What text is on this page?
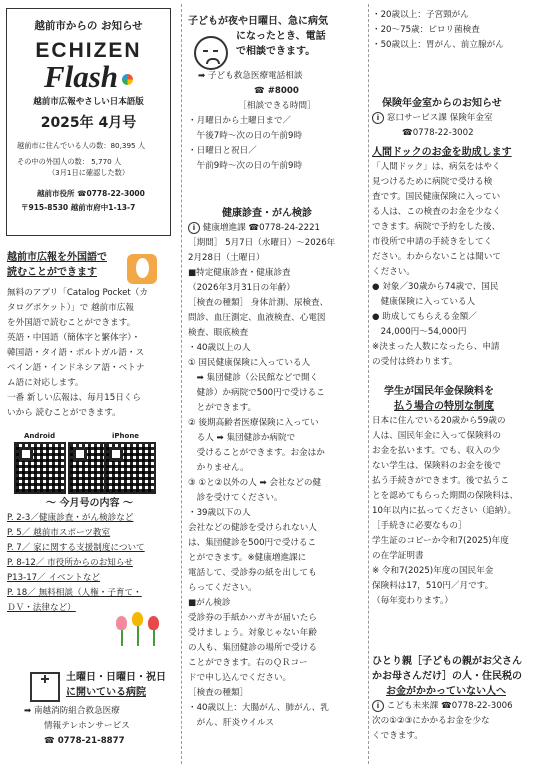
越前市からの お知らせ
ECHIZEN
Flash
越前市広報やさしい日本語版
2025年 4月号
越前市に住んでいる人の数：80,395 人
その中の外国人の数： 5,770 人
（3月1日に確認した数）
越前市役所 ☎0778-22-3000
〒915-8530 越前市府中1-13-7
越前市広報を外国語で
読むことができます
無料のアプリ「Catalog Pocket（カ
タログポケット）」で 越前市広報
を外国語で読むことができます。
英語・中国語（簡体字と繁体字）・
韓国語・タイ語・ポルトガル語・ス
ペイン語・インドネシア語・ベトナ
ム語に対応します。
一番 新しい広報は、毎月15日くら
いから 読むことができます。
Android	iPhone
～ 今月号の内容 ～
P. 2-3／健康診査・がん検診など
P. 5／ 越前市スポーツ教室
P. 7／ 家に関する支援制度について
P. 8-12／ 市役所からのお知らせ
P13-17／ イベントなど
P. 18／ 無料相談（人権・子育て・
ＤＶ・法律など）
土曜日・日曜日・祝日
に開いている病院
➡ 南越消防組合救急医療
情報テレホンサービス
☎ 0778-21-8877
子どもが夜や日曜日、急に病気
になったとき、電話
で相談できます。
➡ 子ども救急医療電話相談
☎ #8000
［相談できる時間］
・月曜日から土曜日まで／
　午後7時～次の日の午前9時
・日曜日と祝日／
　午前9時～次の日の午前9時
健康診査・がん検診
i 健康増進課 ☎0778-24-2221
［期間］ 5月7日（水曜日）～2026年
2月28日（土曜日）
■特定健康診査・健康診査
（2026年3月31日の年齢）
［検査の種類］ 身体計測、尿検査、
問診、血圧測定、血液検査、心電図
検査、眼底検査
・40歳以上の人
① 国民健康保険に入っている人
　➡ 集団健診（公民館などで開く
　健診）か病院で500円で受けるこ
　とができます。
② 後期高齢者医療保険に入ってい
　る人 ➡ 集団健診か病院で
　受けることができます。お金はか
　かりません。
③ ①と②以外の人 ➡ 会社などの健
　診を受けてください。
・39歳以下の人
会社などの健診を受けられない人
は、集団健診を500円で受けるこ
とができます。※健康増進課に
電話して、受診券の紙を出しても
らってください。
■がん検診
受診券の手紙かハガキが届いたら
受けましょう。対象じゃない年齢
の人も、集団健診の場所で受ける
ことができます。右のＱＲコー
ドで申し込んでください。
［検査の種類］
・40歳以上：大腸がん、肺がん、乳
　がん、肝炎ウイルス
・20歳以上：子宮頸がん
・20～75歳：ピロリ菌検査
・50歳以上：胃がん、前立腺がん
保険年金室からのお知らせ
i 窓口サービス課 保険年金室
☎0778-22-3002
人間ドックのお金を助成します
「人間ドック」は、病気をはやく
見つけるために病院で受ける検
査です。国民健康保険に入ってい
る人は、この検査のお金を少なく
できます。病院で予約をした後、
市役所で申請の手続きをしてく
ださい。わからないことは聞いて
ください。
● 対象／30歳から74歳で、国民
　健康保険に入っている人
● 助成してもらえる金額／
　24,000円～54,000円
※決まった人数になったら、申請
の受付は終わります。
学生が国民年金保険料を
払う場合の特別な制度
日本に住んでいる20歳から59歳の
人は、国民年金に入って保険料の
お金を払います。でも、収入の少
ない学生は、保険料のお金を後で
払う手続きができます。後で払うこ
とを認めてもらった期間の保険料は、
10年以内に払ってください（追納）。
［手続きに必要なもの］
学生証のコピーか令和7(2025)年度
の在学証明書
※ 令和7(2025)年度の国民年金
保険料は17，510円／月です。
（毎年変わります。）
ひとり親［子どもの親がお父さん
かお母さんだけ］の人・住民税の
お金がかかっていない人へ
i こども未来課 ☎0778-22-3006
次の①②③にかかるお金を少な
くできます。
